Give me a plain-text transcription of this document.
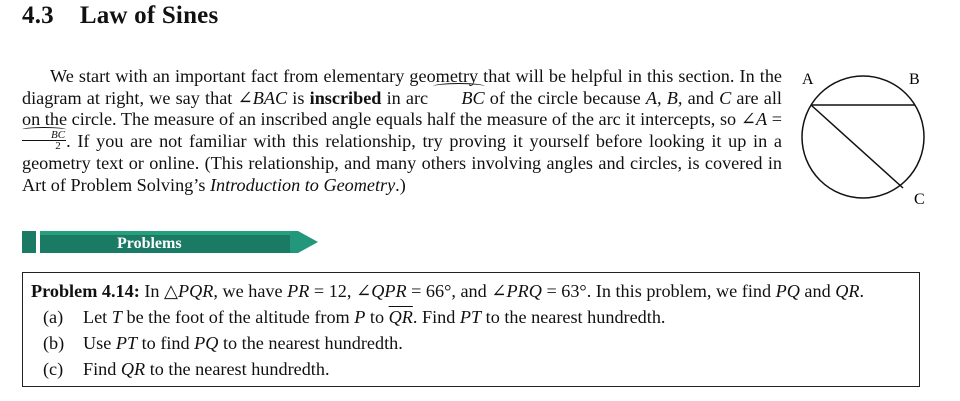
4.3 Law of Sines

We start with an important fact from elementary geometry that will be helpful in this section. In the diagram at right, we say that ∠BAC is inscribed in arc
BC of the circle because A, B, and C are all on the circle. The measure of an inscribed angle equals half the measure of the arc it intercepts, so ∠A =
$\frac{BC}{2}$ . If you are not familiar with this relationship, try proving it yourself before looking it up in a geometry text or online. (This relationship, and many others involving angles and circles, is covered in Art of Problem Solving’s Introduction to Geometry.)

A	B
C
Problems
Problem 4.14: In △PQR, we have PR = 12, ∠QPR = 66°, and ∠PRQ = 63°. In this problem, we find PQ and QR.
(a) Let T be the foot of the altitude from P to $\overline{QR}$. Find PT to the nearest hundredth.
(b) Use PT to find PQ to the nearest hundredth.
(c) Find QR to the nearest hundredth.
